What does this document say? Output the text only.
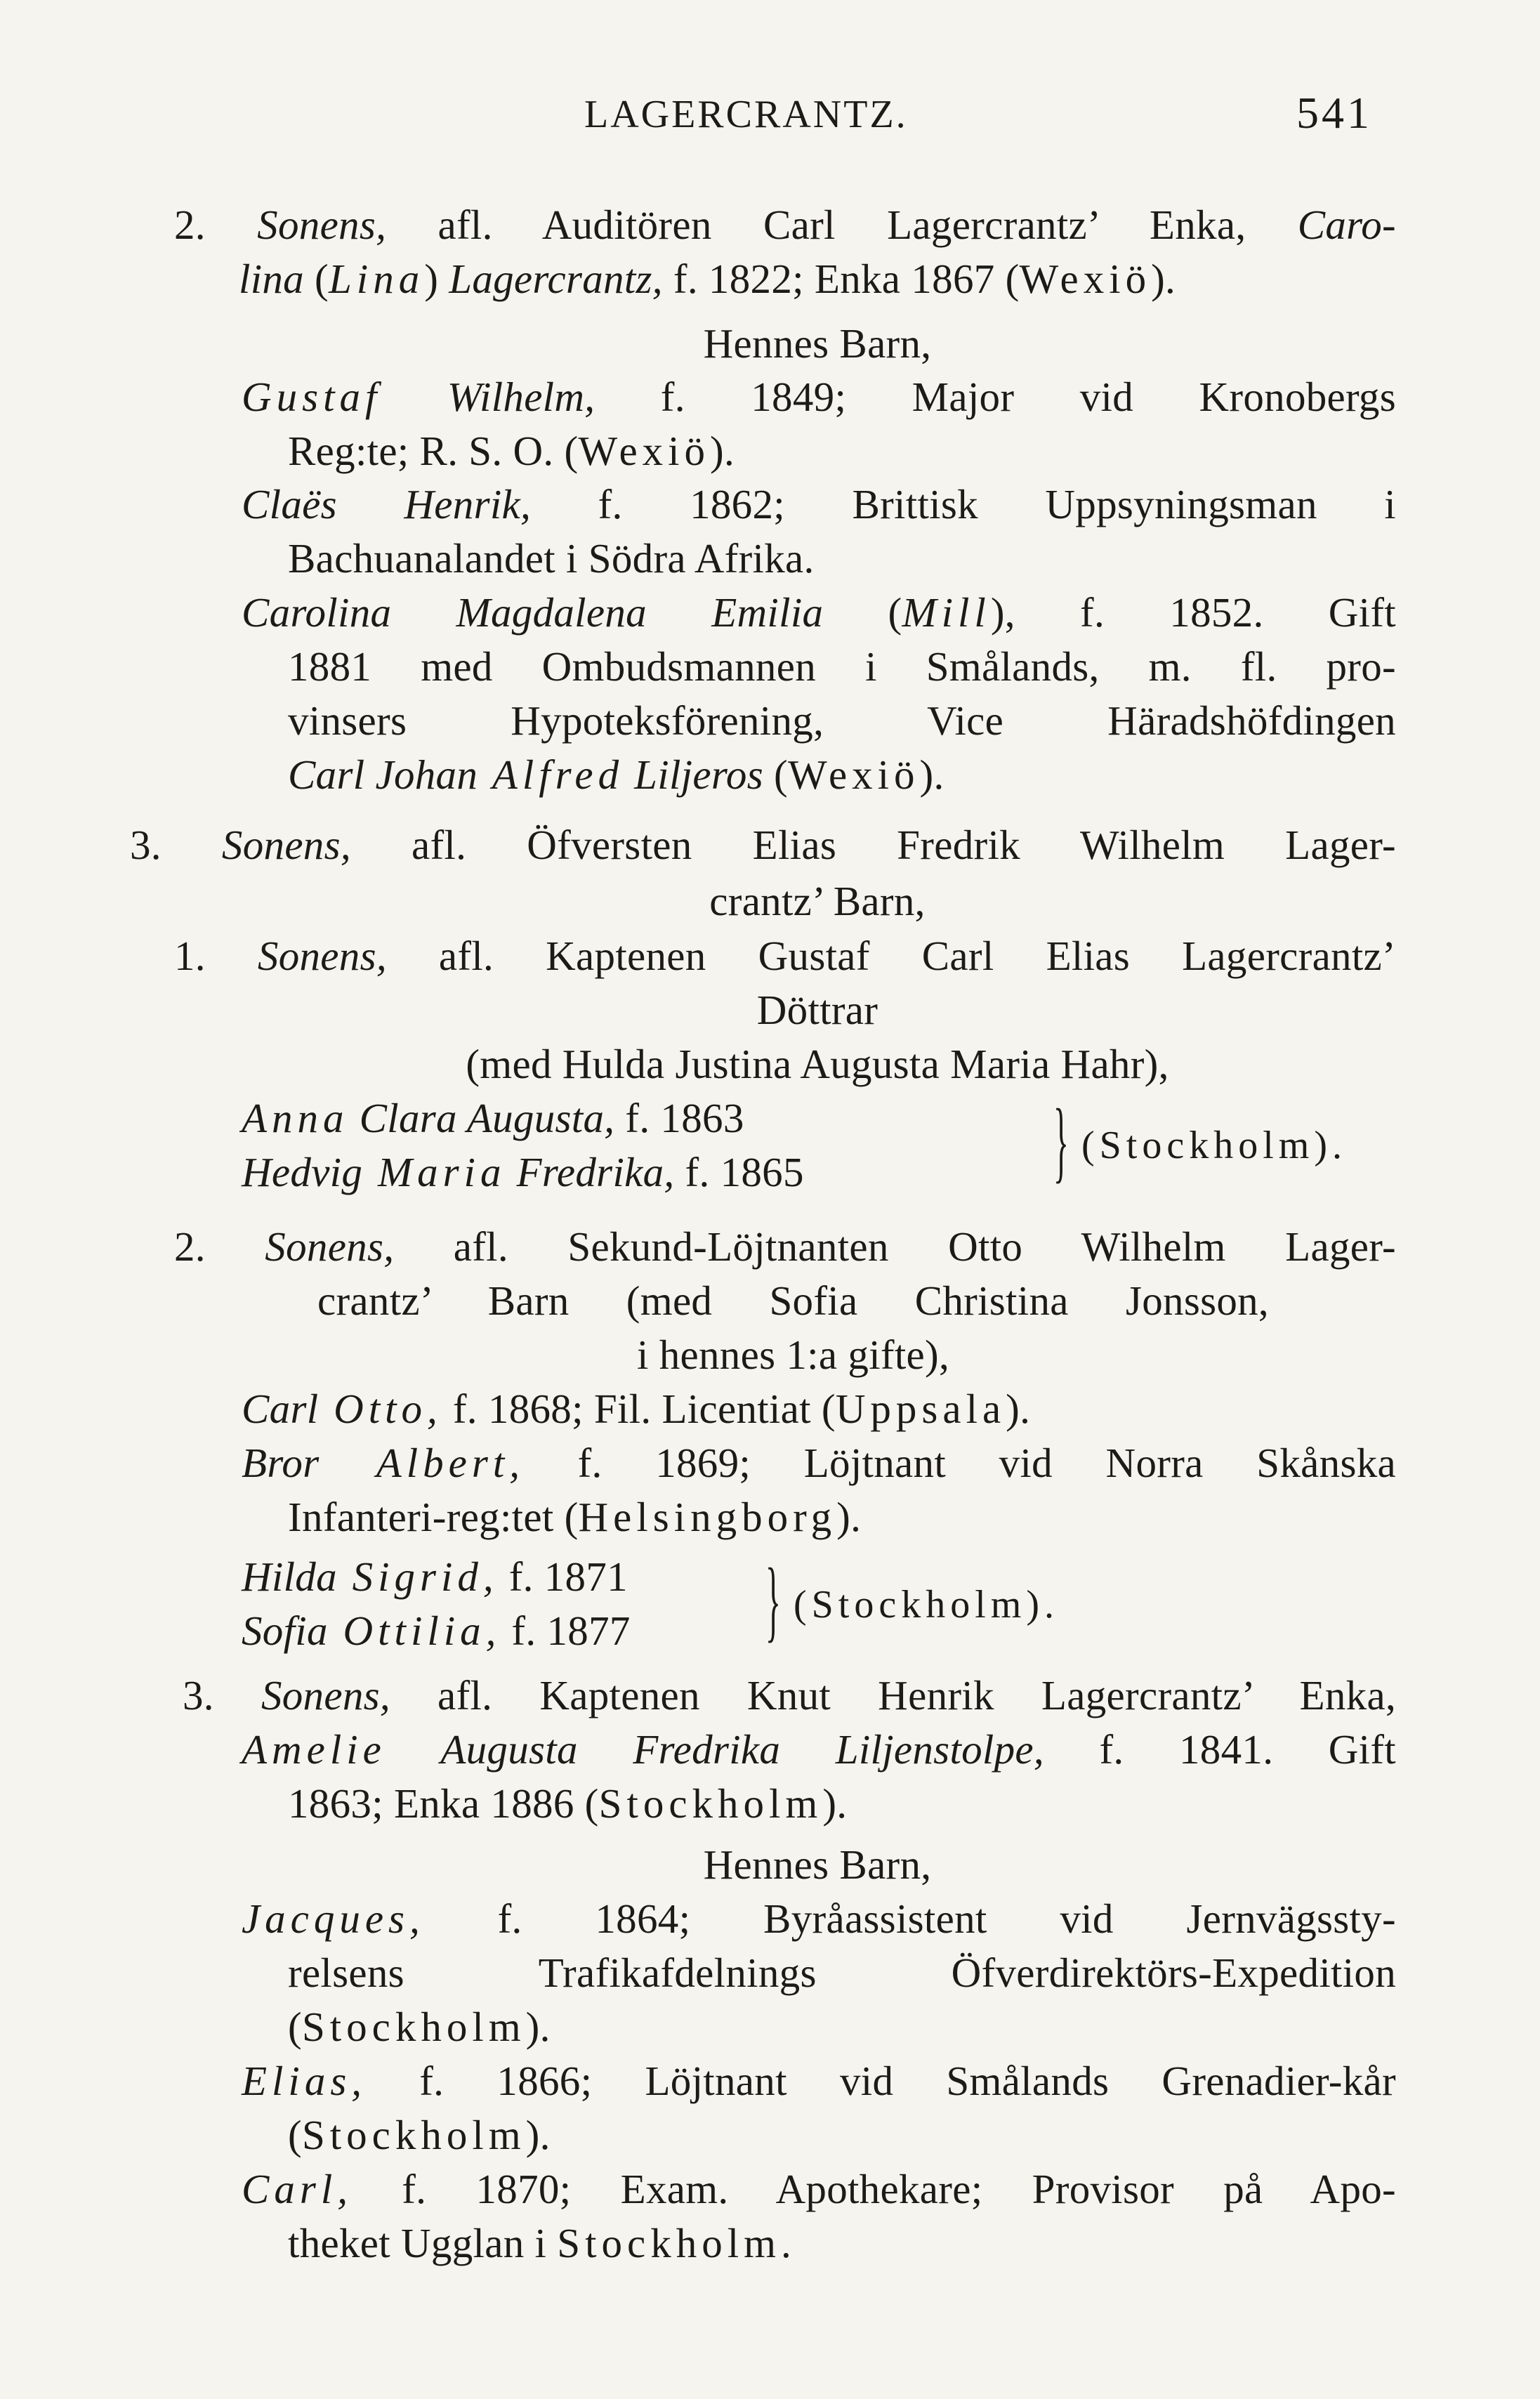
LAGERCRANTZ.	541
2. Sonens, afl. Auditören Carl Lagercrantz’ Enka, Caro-
lina (Lina) Lagercrantz, f. 1822; Enka 1867 (Wexiö).
Hennes Barn,
Gustaf Wilhelm, f. 1849; Major vid Kronobergs
Reg:te; R. S. O. (Wexiö).
Claës Henrik, f. 1862; Brittisk Uppsyningsman i
Bachuanalandet i Södra Afrika.
Carolina Magdalena Emilia (Mill), f. 1852. Gift
1881 med Ombudsmannen i Smålands, m. fl. pro-
vinsers Hypoteksförening, Vice Häradshöfdingen
Carl Johan Alfred Liljeros (Wexiö).
3. Sonens, afl. Öfversten Elias Fredrik Wilhelm Lager-
crantz’ Barn,
1. Sonens, afl. Kaptenen Gustaf Carl Elias Lagercrantz’
Döttrar
(med Hulda Justina Augusta Maria Hahr),
Anna Clara Augusta, f. 1863
Hedvig Maria Fredrika, f. 1865	} (Stockholm).
2. Sonens, afl. Sekund-Löjtnanten Otto Wilhelm Lager-
crantz’ Barn (med Sofia Christina Jonsson,
i hennes 1:a gifte),
Carl Otto, f. 1868; Fil. Licentiat (Uppsala).
Bror Albert, f. 1869; Löjtnant vid Norra Skånska
Infanteri-reg:tet (Helsingborg).
Hilda Sigrid, f. 1871
Sofia Ottilia, f. 1877 } (Stockholm).
3. Sonens, afl. Kaptenen Knut Henrik Lagercrantz’ Enka,
Amelie Augusta Fredrika Liljenstolpe, f. 1841. Gift
1863; Enka 1886 (Stockholm).
Hennes Barn,
Jacques, f. 1864; Byråassistent vid Jernvägssty-
relsens Trafikafdelnings Öfverdirektörs-Expedition
(Stockholm).
Elias, f. 1866; Löjtnant vid Smålands Grenadier-kår
(Stockholm).
Carl, f. 1870; Exam. Apothekare; Provisor på Apo-
theket Ugglan i Stockholm.
